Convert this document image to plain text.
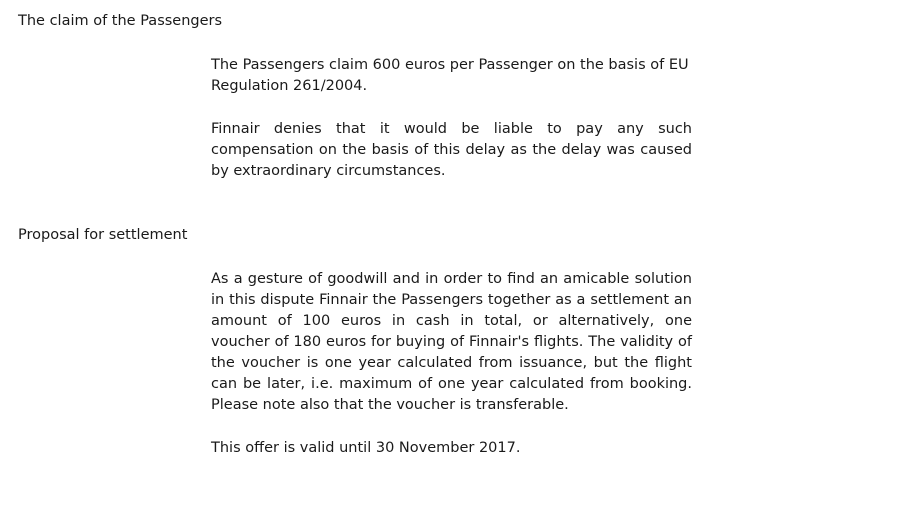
The claim of the Passengers
The Passengers claim 600 euros per Passenger on the basis of EU Regulation 261/2004.
Finnair denies that it would be liable to pay any such compensation on the basis of this delay as the delay was caused by extraordinary circumstances.
Proposal for settlement
As a gesture of goodwill and in order to find an amicable solution in this dispute Finnair the Passengers together as a settlement an amount of 100 euros in cash in total, or alternatively, one voucher of 180 euros for buying of Finnair's flights. The validity of the voucher is one year calculated from issuance, but the flight can be later, i.e. maximum of one year calculated from booking. Please note also that the voucher is transferable.
This offer is valid until 30 November 2017.
